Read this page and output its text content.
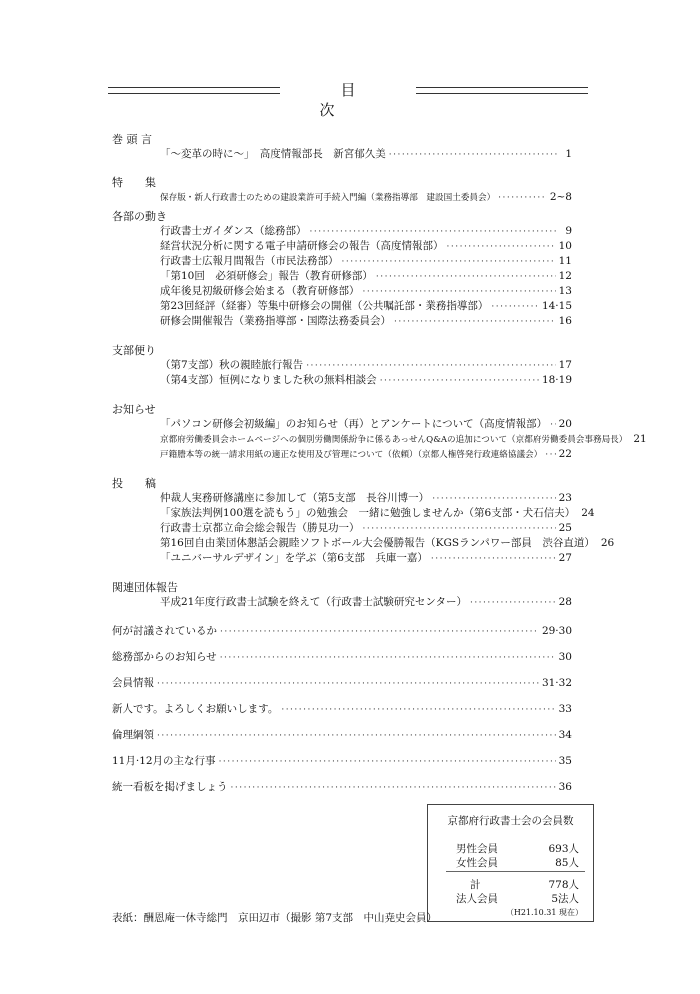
目　次
巻 頭 言
「～変革の時に～」　高度情報部長　新宮郁久美 ·····	1
特　　集
保存版・新人行政書士のための建設業許可手続入門編（業務指導部　建設国土委員会） ·····	2~8
各部の動き
行政書士ガイダンス（総務部） ·····	9
経営状況分析に関する電子申請研修会の報告（高度情報部） ·····	10
行政書士広報月間報告（市民法務部） ·····	11
「第10回　必須研修会」報告（教育研修部） ·····	12
成年後見初級研修会始まる（教育研修部） ·····	13
第23回経評（経審）等集中研修会の開催（公共嘱託部・業務指導部） ·····	14·15
研修会開催報告（業務指導部・国際法務委員会） ·····	16
支部便り
（第7支部）秋の親睦旅行報告 ·····	17
（第4支部）恒例になりました秋の無料相談会 ·····	18·19
お知らせ
「パソコン研修会初級編」のお知らせ（再）とアンケートについて（高度情報部） ····· 20
京都府労働委員会ホームページへの個別労働関係紛争に係るあっせんQ&Aの追加について（京都府労働委員会事務局長） 21
戸籍謄本等の統一請求用紙の適正な使用及び管理について（依頼）（京都人権啓発行政連絡協議会） ····· 22
投　　稿
仲裁人実務研修講座に参加して（第5支部　長谷川博一） ·····	23
「家族法判例100選を読もう」の勉強会　一緒に勉強しませんか（第6支部・犬石信夫） 24
行政書士京都立命会総会報告（勝見功一） ·····	25
第16回自由業団体懇話会親睦ソフトボール大会優勝報告（KGSランパワー部員　渋谷直道） 26
「ユニバーサルデザイン」を学ぶ（第6支部　兵庫一嘉） ·····	27
関連団体報告
平成21年度行政書士試験を終えて（行政書士試験研究センター） ·····	28
何が討議されているか ·····	29·30
総務部からのお知らせ ·····	30
会員情報 ·····	31·32
新人です。よろしくお願いします。 ·····	33
倫理綱領 ·····	34
11月·12月の主な行事 ·····	35
統一看板を掲げましょう ·····	36
京都府行政書士会の会員数
男性会員	693人
女性会員	85人
計	778人
法人会員	5法人
（H21.10.31 現在）
表紙：酬恩庵一休寺総門　京田辺市（撮影 第7支部　中山尭史会員）
